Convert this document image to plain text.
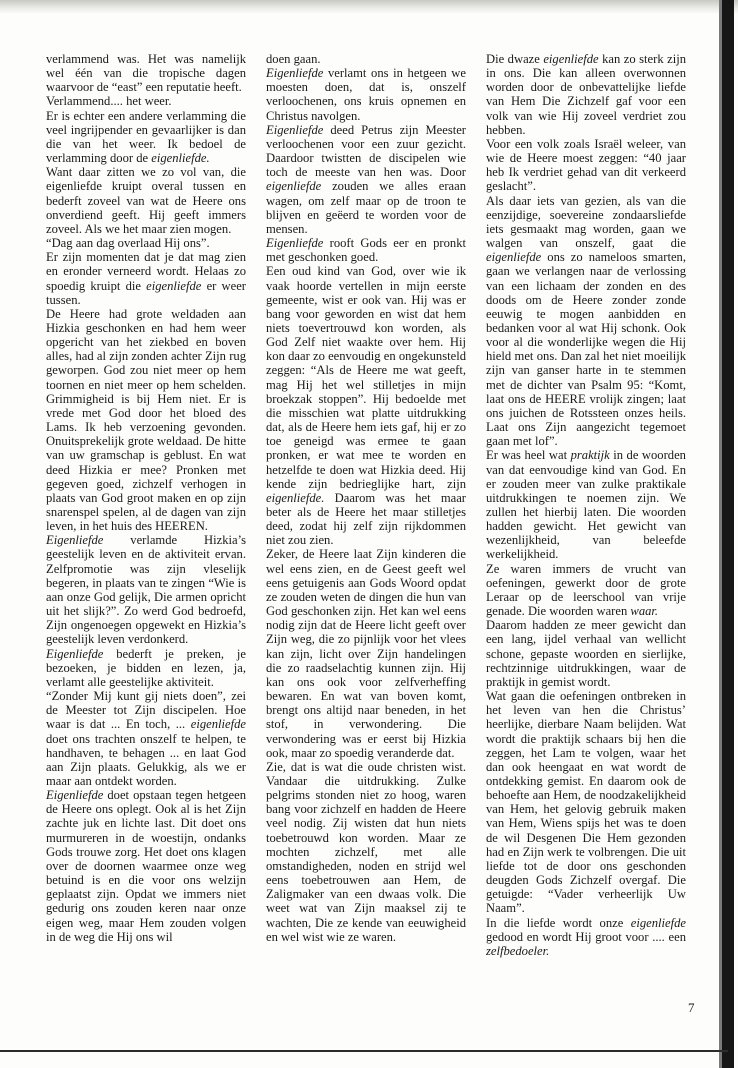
verlammend was. Het was namelijk wel één van die tropische dagen waarvoor de “east” een reputatie heeft.

Verlammend.... het weer.

Er is echter een andere verlamming die veel ingrijpender en gevaarlijker is dan die van het weer. Ik bedoel de verlamming door de eigenliefde.

Want daar zitten we zo vol van, die eigenliefde kruipt overal tussen en bederft zoveel van wat de Heere ons onverdiend geeft. Hij geeft immers zoveel. Als we het maar zien mogen.

“Dag aan dag overlaad Hij ons”.

Er zijn momenten dat je dat mag zien en eronder verneerd wordt. Helaas zo spoedig kruipt die eigenliefde er weer tussen.

De Heere had grote weldaden aan Hizkia geschonken en had hem weer opgericht van het ziekbed en boven alles, had al zijn zonden achter Zijn rug geworpen. God zou niet meer op hem toornen en niet meer op hem schelden. Grimmigheid is bij Hem niet. Er is vrede met God door het bloed des Lams. Ik heb verzoening gevonden. Onuitsprekelijk grote weldaad. De hitte van uw gramschap is geblust. En wat deed Hizkia er mee? Pronken met gegeven goed, zichzelf verhogen in plaats van God groot maken en op zijn snarenspel spelen, al de dagen van zijn leven, in het huis des HEEREN.

Eigenliefde verlamde Hizkia’s geestelijk leven en de aktiviteit ervan. Zelfpromotie was zijn vleselijk begeren, in plaats van te zingen “Wie is aan onze God gelijk, Die armen opricht uit het slijk?”. Zo werd God bedroefd, Zijn ongenoegen opgewekt en Hizkia’s geestelijk leven verdonkerd.

Eigenliefde bederft je preken, je bezoeken, je bidden en lezen, ja, verlamt alle geestelijke aktiviteit.

“Zonder Mij kunt gij niets doen”, zei de Meester tot Zijn discipelen. Hoe waar is dat ... En toch, ... eigenliefde doet ons trachten onszelf te helpen, te handhaven, te behagen ... en laat God aan Zijn plaats. Gelukkig, als we er maar aan ontdekt worden.

Eigenliefde doet opstaan tegen hetgeen de Heere ons oplegt. Ook al is het Zijn zachte juk en lichte last. Dit doet ons murmureren in de woestijn, ondanks Gods trouwe zorg. Het doet ons klagen over de doornen waarmee onze weg betuind is en die voor ons welzijn geplaatst zijn. Opdat we immers niet gedurig ons zouden keren naar onze eigen weg, maar Hem zouden volgen in de weg die Hij ons wil

doen gaan.

Eigenliefde verlamt ons in hetgeen we moesten doen, dat is, onszelf verloochenen, ons kruis opnemen en Christus navolgen.

Eigenliefde deed Petrus zijn Meester verloochenen voor een zuur gezicht. Daardoor twistten de discipelen wie toch de meeste van hen was. Door eigenliefde zouden we alles eraan wagen, om zelf maar op de troon te blijven en geëerd te worden voor de mensen.

Eigenliefde rooft Gods eer en pronkt met geschonken goed.

Een oud kind van God, over wie ik vaak hoorde vertellen in mijn eerste gemeente, wist er ook van. Hij was er bang voor geworden en wist dat hem niets toevertrouwd kon worden, als God Zelf niet waakte over hem. Hij kon daar zo eenvoudig en ongekunsteld zeggen: “Als de Heere me wat geeft, mag Hij het wel stilletjes in mijn broekzak stoppen”. Hij bedoelde met die misschien wat platte uitdrukking dat, als de Heere hem iets gaf, hij er zo toe geneigd was ermee te gaan pronken, er wat mee te worden en hetzelfde te doen wat Hizkia deed. Hij kende zijn bedrieglijke hart, zijn eigenliefde. Daarom was het maar beter als de Heere het maar stilletjes deed, zodat hij zelf zijn rijkdommen niet zou zien.

Zeker, de Heere laat Zijn kinderen die wel eens zien, en de Geest geeft wel eens getuigenis aan Gods Woord opdat ze zouden weten de dingen die hun van God geschonken zijn. Het kan wel eens nodig zijn dat de Heere licht geeft over Zijn weg, die zo pijnlijk voor het vlees kan zijn, licht over Zijn handelingen die zo raadselachtig kunnen zijn. Hij kan ons ook voor zelfverheffing bewaren. En wat van boven komt, brengt ons altijd naar beneden, in het stof, in verwondering. Die verwondering was er eerst bij Hizkia ook, maar zo spoedig veranderde dat.

Zie, dat is wat die oude christen wist. Vandaar die uitdrukking. Zulke pelgrims stonden niet zo hoog, waren bang voor zichzelf en hadden de Heere veel nodig. Zij wisten dat hun niets toebetrouwd kon worden. Maar ze mochten zichzelf, met alle omstandigheden, noden en strijd wel eens toebetrouwen aan Hem, de Zaligmaker van een dwaas volk. Die weet wat van Zijn maaksel zij te wachten, Die ze kende van eeuwigheid en wel wist wie ze waren.

Die dwaze eigenliefde kan zo sterk zijn in ons. Die kan alleen overwonnen worden door de onbevattelijke liefde van Hem Die Zichzelf gaf voor een volk van wie Hij zoveel verdriet zou hebben.

Voor een volk zoals Israël weleer, van wie de Heere moest zeggen: “40 jaar heb Ik verdriet gehad van dit verkeerd geslacht”.

Als daar iets van gezien, als van die eenzijdige, soevereine zondaarsliefde iets gesmaakt mag worden, gaan we walgen van onszelf, gaat die eigenliefde ons zo nameloos smarten, gaan we verlangen naar de verlossing van een lichaam der zonden en des doods om de Heere zonder zonde eeuwig te mogen aanbidden en bedanken voor al wat Hij schonk. Ook voor al die wonderlijke wegen die Hij hield met ons. Dan zal het niet moeilijk zijn van ganser harte in te stemmen met de dichter van Psalm 95: “Komt, laat ons de HEERE vrolijk zingen; laat ons juichen de Rotssteen onzes heils. Laat ons Zijn aangezicht tegemoet gaan met lof”.

Er was heel wat praktijk in de woorden van dat eenvoudige kind van God. En er zouden meer van zulke praktikale uitdrukkingen te noemen zijn. We zullen het hierbij laten. Die woorden hadden gewicht. Het gewicht van wezenlijkheid, van beleefde werkelijkheid.

Ze waren immers de vrucht van oefeningen, gewerkt door de grote Leraar op de leerschool van vrije genade. Die woorden waren waar.

Daarom hadden ze meer gewicht dan een lang, ijdel verhaal van wellicht schone, gepaste woorden en sierlijke, rechtzinnige uitdrukkingen, waar de praktijk in gemist wordt.

Wat gaan die oefeningen ontbreken in het leven van hen die Christus’ heerlijke, dierbare Naam belijden. Wat wordt die praktijk schaars bij hen die zeggen, het Lam te volgen, waar het dan ook heengaat en wat wordt de ontdekking gemist. En daarom ook de behoefte aan Hem, de noodzakelijkheid van Hem, het gelovig gebruik maken van Hem, Wiens spijs het was te doen de wil Desgenen Die Hem gezonden had en Zijn werk te volbrengen. Die uit liefde tot de door ons geschonden deugden Gods Zichzelf overgaf. Die getuigde: “Vader verheerlijk Uw Naam”.

In die liefde wordt onze eigenliefde gedood en wordt Hij groot voor .... een zelfbedoeler.

7
